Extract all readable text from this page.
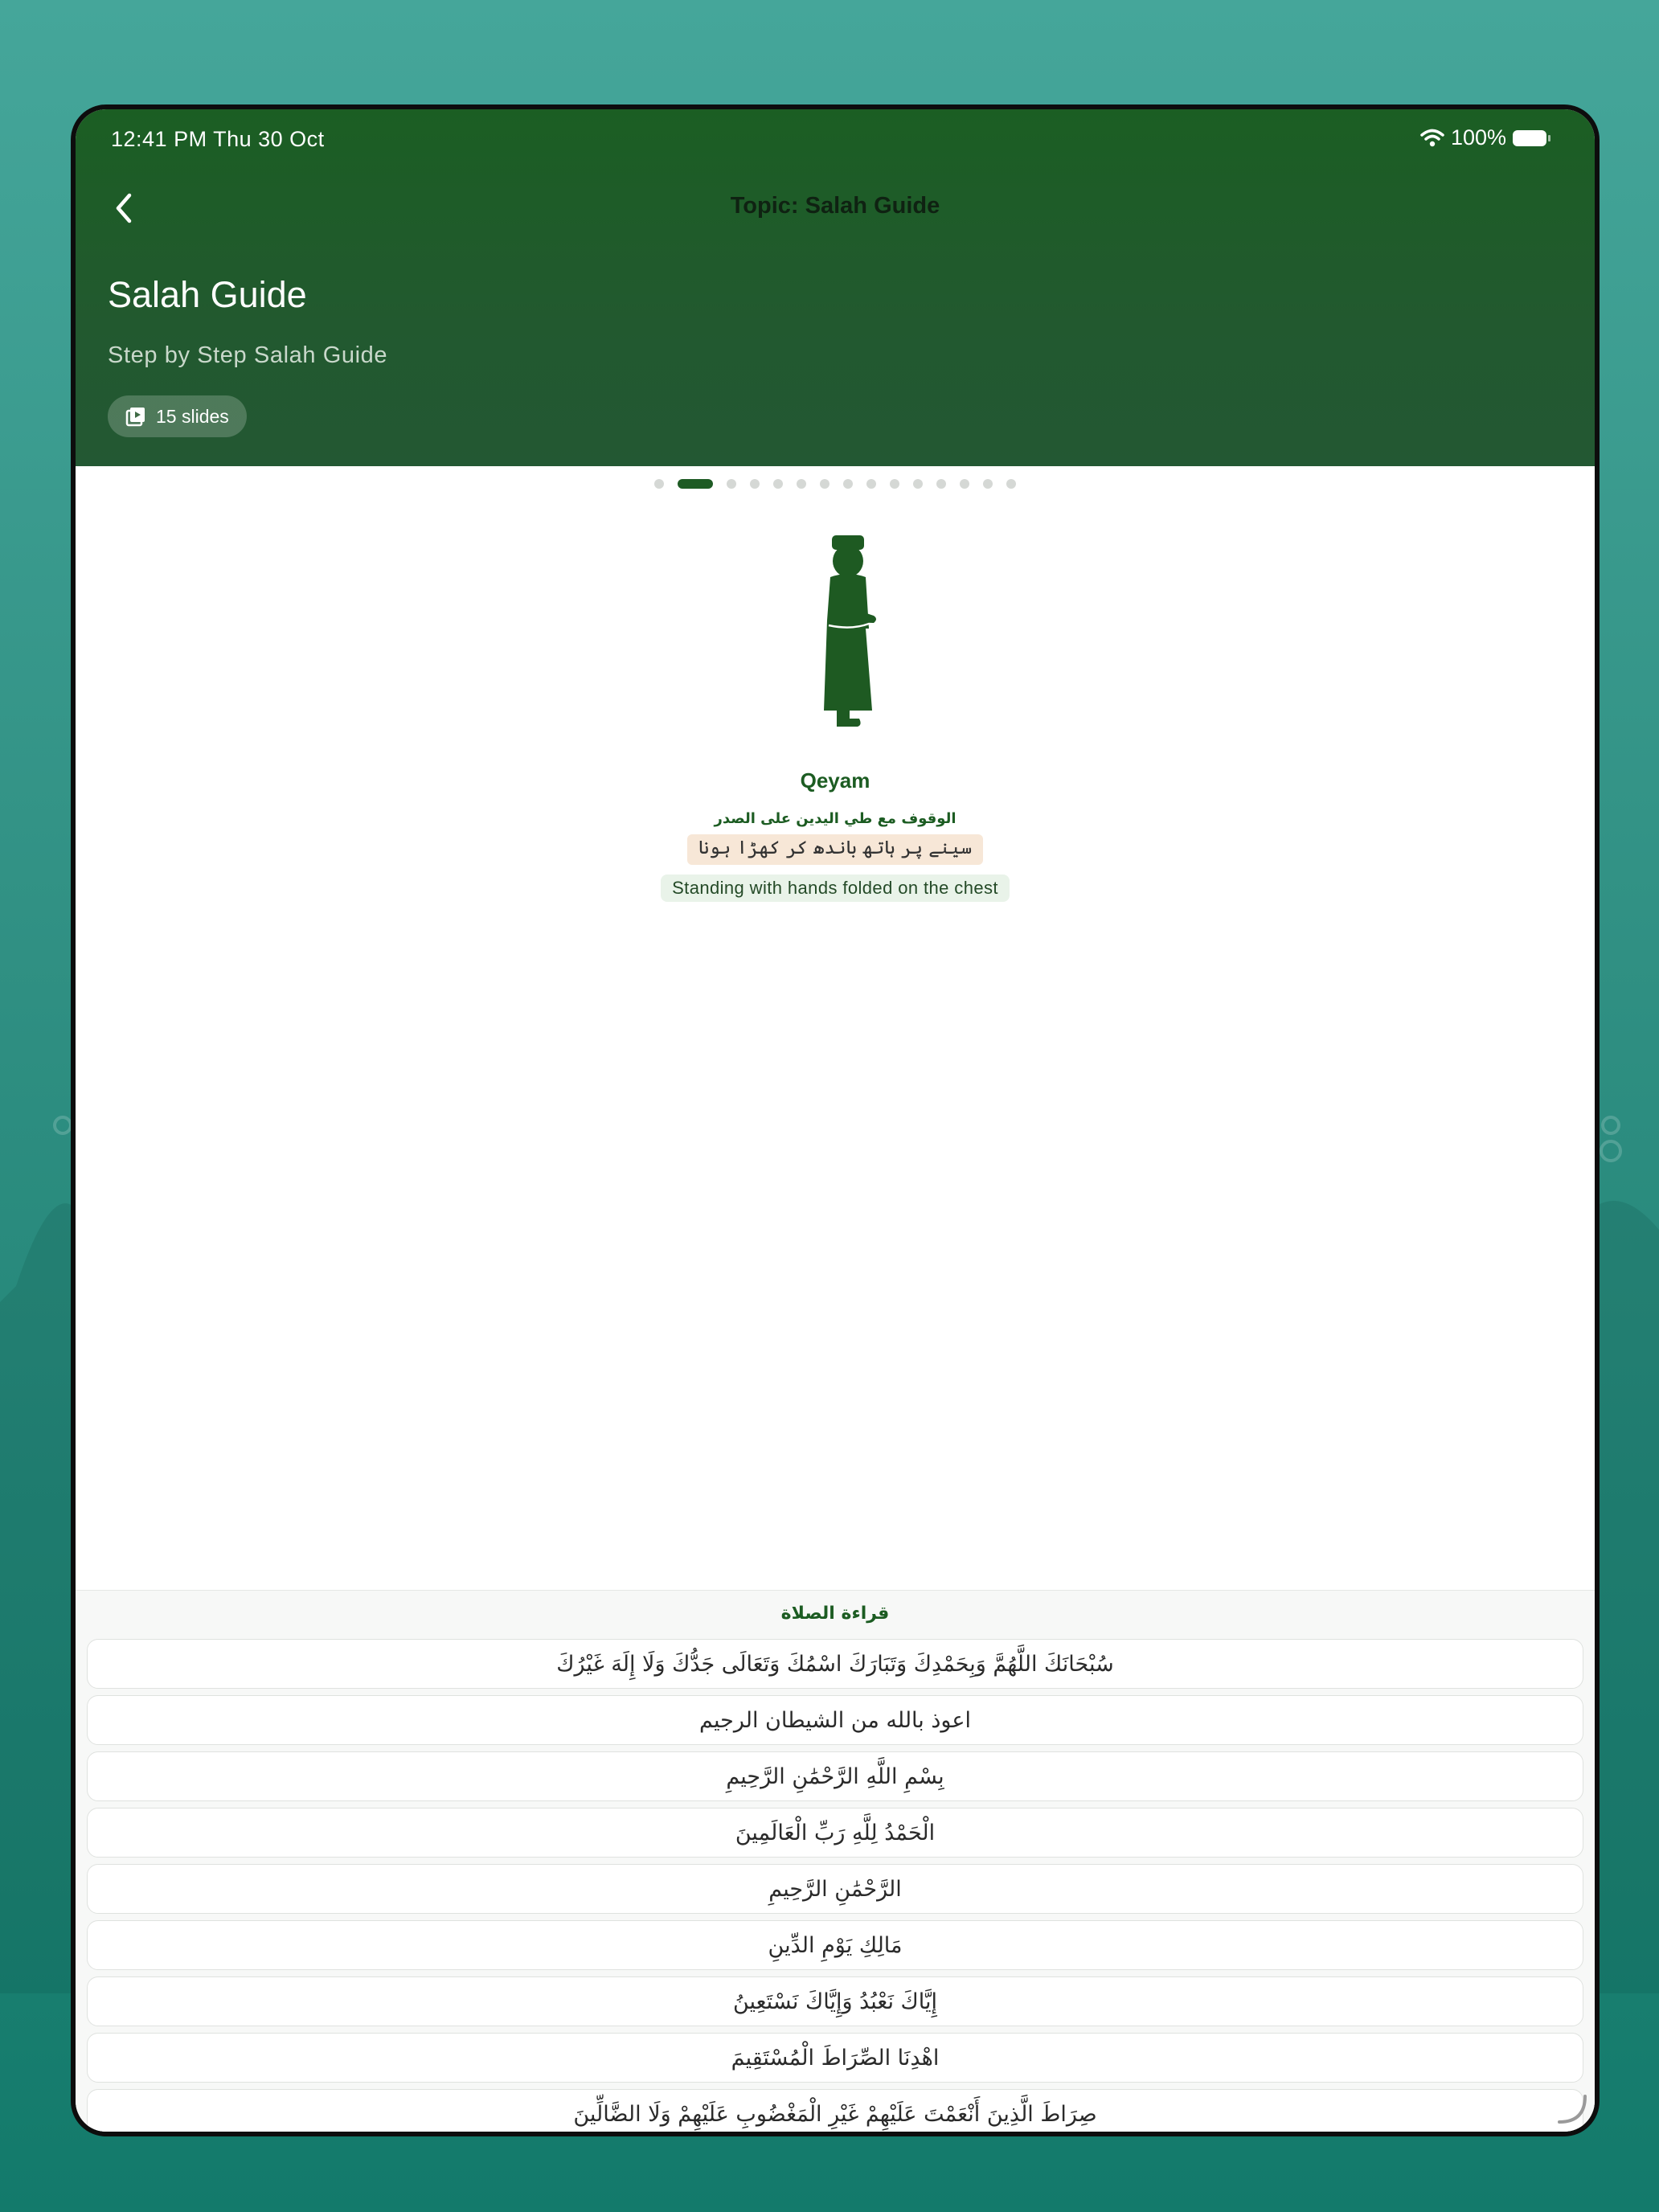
12:41 PM Thu 30 Oct	100%
Topic: Salah Guide
Salah Guide
Step by Step Salah Guide
15 slides
Qeyam
الوقوف مع طي اليدين على الصدر
سینے پر ہاتھ باندھ کر کھڑا ہونا
Standing with hands folded on the chest
قراءة الصلاة
سُبْحَانَكَ اللَّهُمَّ وَبِحَمْدِكَ وَتَبَارَكَ اسْمُكَ وَتَعَالَى جَدُّكَ وَلَا إِلَهَ غَيْرُكَ
اعوذ بالله من الشيطان الرجيم
بِسْمِ اللَّهِ الرَّحْمَٰنِ الرَّحِيمِ
الْحَمْدُ لِلَّهِ رَبِّ الْعَالَمِينَ
الرَّحْمَٰنِ الرَّحِيمِ
مَالِكِ يَوْمِ الدِّينِ
إِيَّاكَ نَعْبُدُ وَإِيَّاكَ نَسْتَعِينُ
اهْدِنَا الصِّرَاطَ الْمُسْتَقِيمَ
صِرَاطَ الَّذِينَ أَنْعَمْتَ عَلَيْهِمْ غَيْرِ الْمَغْضُوبِ عَلَيْهِمْ وَلَا الضَّالِّينَ
